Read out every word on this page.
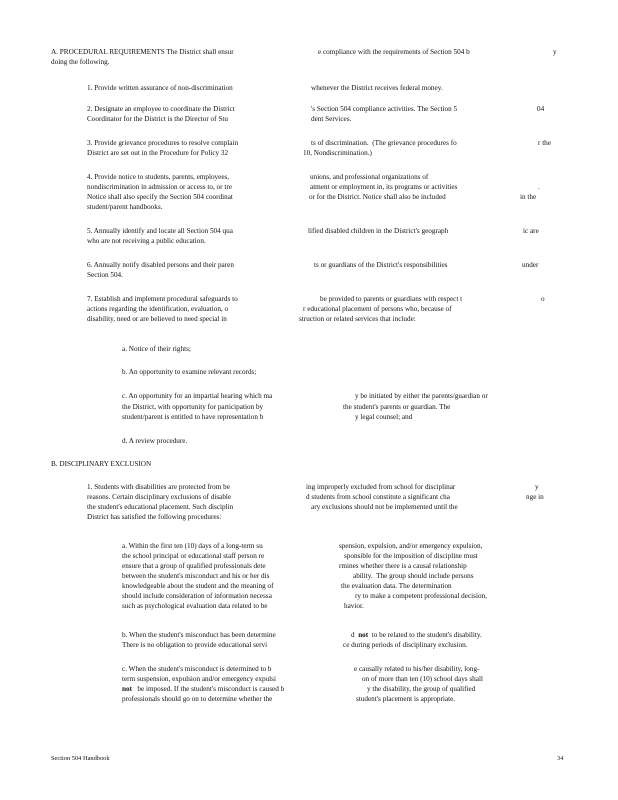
A. PROCEDURAL REQUIREMENTS The District shall ensur	e compliance with the requirements of Section 504 b	y
doing the following.
1. Provide written assurance of non-discrimination	whenever the District receives federal money.
2. Designate an employee to coordinate the District	's Section 504 compliance activities. The Section 5	04
Coordinator for the District is the Director of Stu	dent Services.
3. Provide grievance procedures to resolve complain	ts of discrimination.  (The grievance procedures fo	r the
District are set out in the Procedure for Policy 32	10, Nondiscrimination.)
4. Provide notice to students, parents, employees,	unions, and professional organizations of
nondiscrimination in admission or access to, or tre	atment or employment in, its programs or activities	.
Notice shall also specify the Section 504 coordinat	or for the District. Notice shall also be included	in the
student/parent handbooks.
5. Annually identify and locate all Section 504 qua	lified disabled children in the District's geograph	ic are
who are not receiving a public education.
6. Annually notify disabled persons and their paren	ts or guardians of the District's responsibilities	under
Section 504.
7. Establish and implement procedural safeguards to	be provided to parents or guardians with respect t	o
actions regarding the identification, evaluation, o	r educational placement of persons who, because of
disability, need or are believed to need special in	struction or related services that include:
a. Notice of their rights;
b. An opportunity to examine relevant records;
c. An opportunity for an impartial hearing which ma	y be initiated by either the parents/guardian or
the District, with opportunity for participation by	the student's parents or guardian. The
student/parent is entitled to have representation b	y legal counsel; and
d. A review procedure.
B. DISCIPLINARY EXCLUSION
1. Students with disabilities are protected from be	ing improperly excluded from school for disciplinar	y
reasons. Certain disciplinary exclusions of disable	d students from school constitute a significant cha	nge in
the student's educational placement. Such disciplin	ary exclusions should not be implemented until the
District has satisfied the following procedures:
a. Within the first ten (10) days of a long-term su	spension, expulsion, and/or emergency expulsion,
the school principal or educational staff person re	sponsible for the imposition of discipline must
ensure that a group of qualified professionals dete	rmines whether there is a causal relationship
between the student's misconduct and his or her dis	ability.  The group should include persons
knowledgeable about the student and the meaning of	the evaluation data. The determination
should include consideration of information necessa	ry to make a competent professional decision,
such as psychological evaluation data related to be	havior.
b. When the student's misconduct has been determine	d  not  to be related to the student's disability.
There is no obligation to provide educational servi	ce during periods of disciplinary exclusion.
c. When the student's misconduct is determined to b	e causally related to his/her disability, long-
term suspension, expulsion and/or emergency expulsi	on of more than ten (10) school days shall
not   be imposed. If the student's misconduct is caused b	y the disability, the group of qualified
professionals should go on to determine whether the	student's placement is appropriate.
Section 504 Handbook	34
